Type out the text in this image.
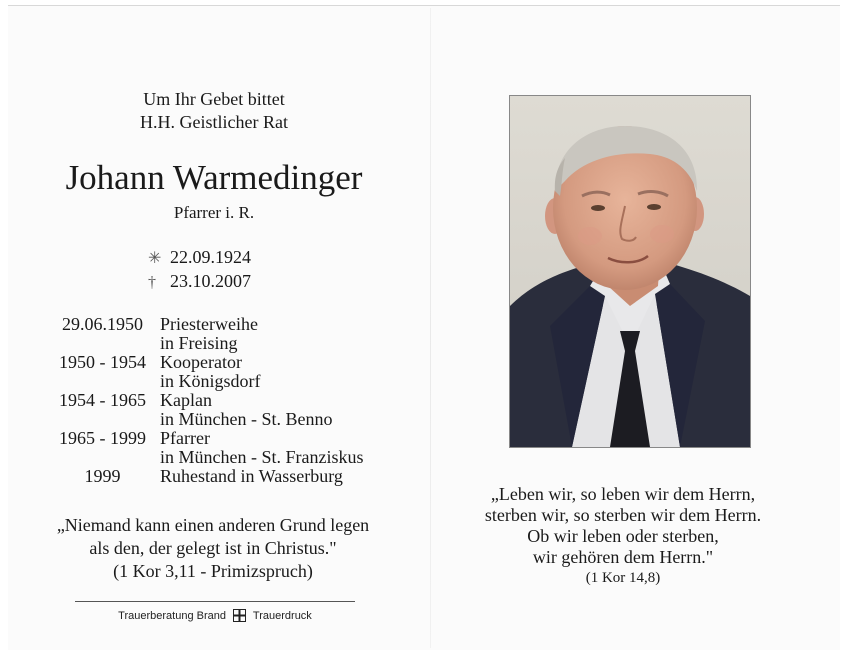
Um Ihr Gebet bittet
H.H. Geistlicher Rat
Johann Warmedinger
Pfarrer i. R.
✳ 22.09.1924
† 23.10.2007
29.06.1950 Priesterweihe
in Freising
1950 - 1954 Kooperator
in Königsdorf
1954 - 1965 Kaplan
in München - St. Benno
1965 - 1999 Pfarrer
in München - St. Franziskus
1999	Ruhestand in Wasserburg
„Niemand kann einen anderen Grund legen
als den, der gelegt ist in Christus."
(1 Kor 3,11 - Primizspruch)
Trauerberatung Brand Trauerdruck
„Leben wir, so leben wir dem Herrn,
sterben wir, so sterben wir dem Herrn.
Ob wir leben oder sterben,
wir gehören dem Herrn."
(1 Kor 14,8)
